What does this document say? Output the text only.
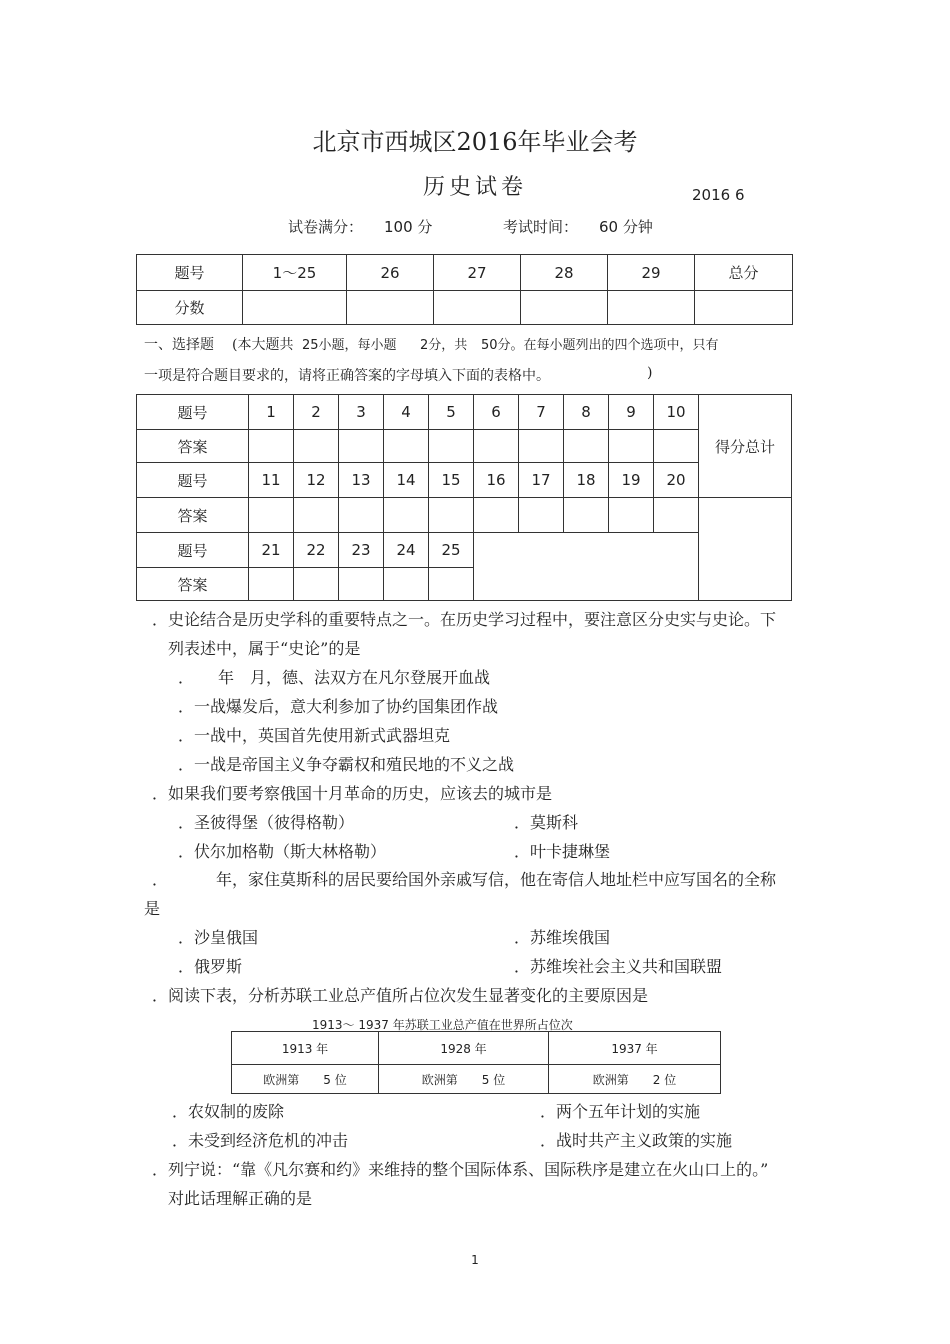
北京市西城区2016年毕业会考
历史试卷	2016 6
试卷满分： 100 分	考试时间： 60 分钟
题号	1～25	26	27	28	29	总分
分数						
一、选择题 (本大题共 25小题，每小题 2分，共 50分。在每小题列出的四个选项中，只有
一项是符合题目要求的，请将正确答案的字母填入下面的表格中。	)
题号	1	2	3	4	5	6	7	8	9	10	得分总计
答案											
题号	11	12	13	14	15	16	17	18	19	20	
答案											
题号	21	22	23	24	25						
答案											
．史论结合是历史学科的重要特点之一。在历史学习过程中，要注意区分史实与史论。下
列表述中，属于“史论”的是
．　　年　月，德、法双方在凡尔登展开血战
．一战爆发后，意大利参加了协约国集团作战
．一战中，英国首先使用新式武器坦克
．一战是帝国主义争夺霸权和殖民地的不义之战
．如果我们要考察俄国十月革命的历史，应该去的城市是
．圣彼得堡（彼得格勒）	．莫斯科
．伏尔加格勒（斯大林格勒）	．叶卡捷琳堡
．	年，家住莫斯科的居民要给国外亲戚写信，他在寄信人地址栏中应写国名的全称
是
．沙皇俄国	．苏维埃俄国
．俄罗斯	．苏维埃社会主义共和国联盟
．阅读下表，分析苏联工业总产值所占位次发生显著变化的主要原因是
1913～ 1937 年苏联工业总产值在世界所占位次
1913 年	1928 年	1937 年
欧洲第　　5 位	欧洲第　　5 位	欧洲第　　2 位
．农奴制的废除	．两个五年计划的实施
．未受到经济危机的冲击	．战时共产主义政策的实施
．列宁说：“靠《凡尔赛和约》来维持的整个国际体系、国际秩序是建立在火山口上的。”
对此话理解正确的是
1
